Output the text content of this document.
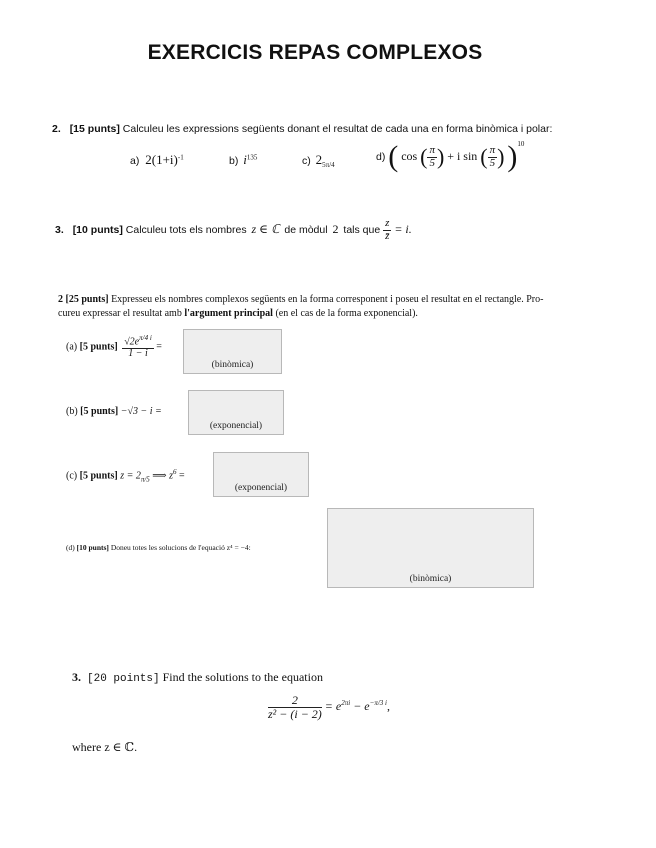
EXERCICIS REPAS COMPLEXOS
2. [15 punts] Calculeu les expressions següents donant el resultat de cada una en forma binòmica i polar:
a) $2(1+i)^{-1}$	b) $i^{135}$	c) $2_{5\pi/4}$
d) ( cos ( $\frac{\pi}{5}$ ) + i sin ( $\frac{\pi}{5}$ ) )$^{10}$
3. [10 punts] Calculeu tots els nombres z ∈ ℂ de mòdul 2 tals que $\frac{z}{z̄} = i$.
2 [25 punts] Expresseu els nombres complexos següents en la forma corresponent i poseu el resultat en el rectangle. Pro-
cureu expressar el resultat amb l'argument principal (en el cas de la forma exponencial).
(a) [5 punts] $\frac{√2e^{\pi/4 i}}{1 - i}$ =
(binòmica)
(b) [5 punts] −√3 − i =
(exponencial)
(c) [5 punts] $z = 2_{\pi/5}$ ⟹ $z^6$ =
(exponencial)
(d) [10 punts] Doneu totes les solucions de l'equació z⁴ = −4:
(binòmica)
3. [20 points] Find the solutions to the equation
$\frac{2}{\text{z² − (i − 2)}} = e^{2\pi i} - e^{-\pi/3 i}$,
where z ∈ ℂ.
